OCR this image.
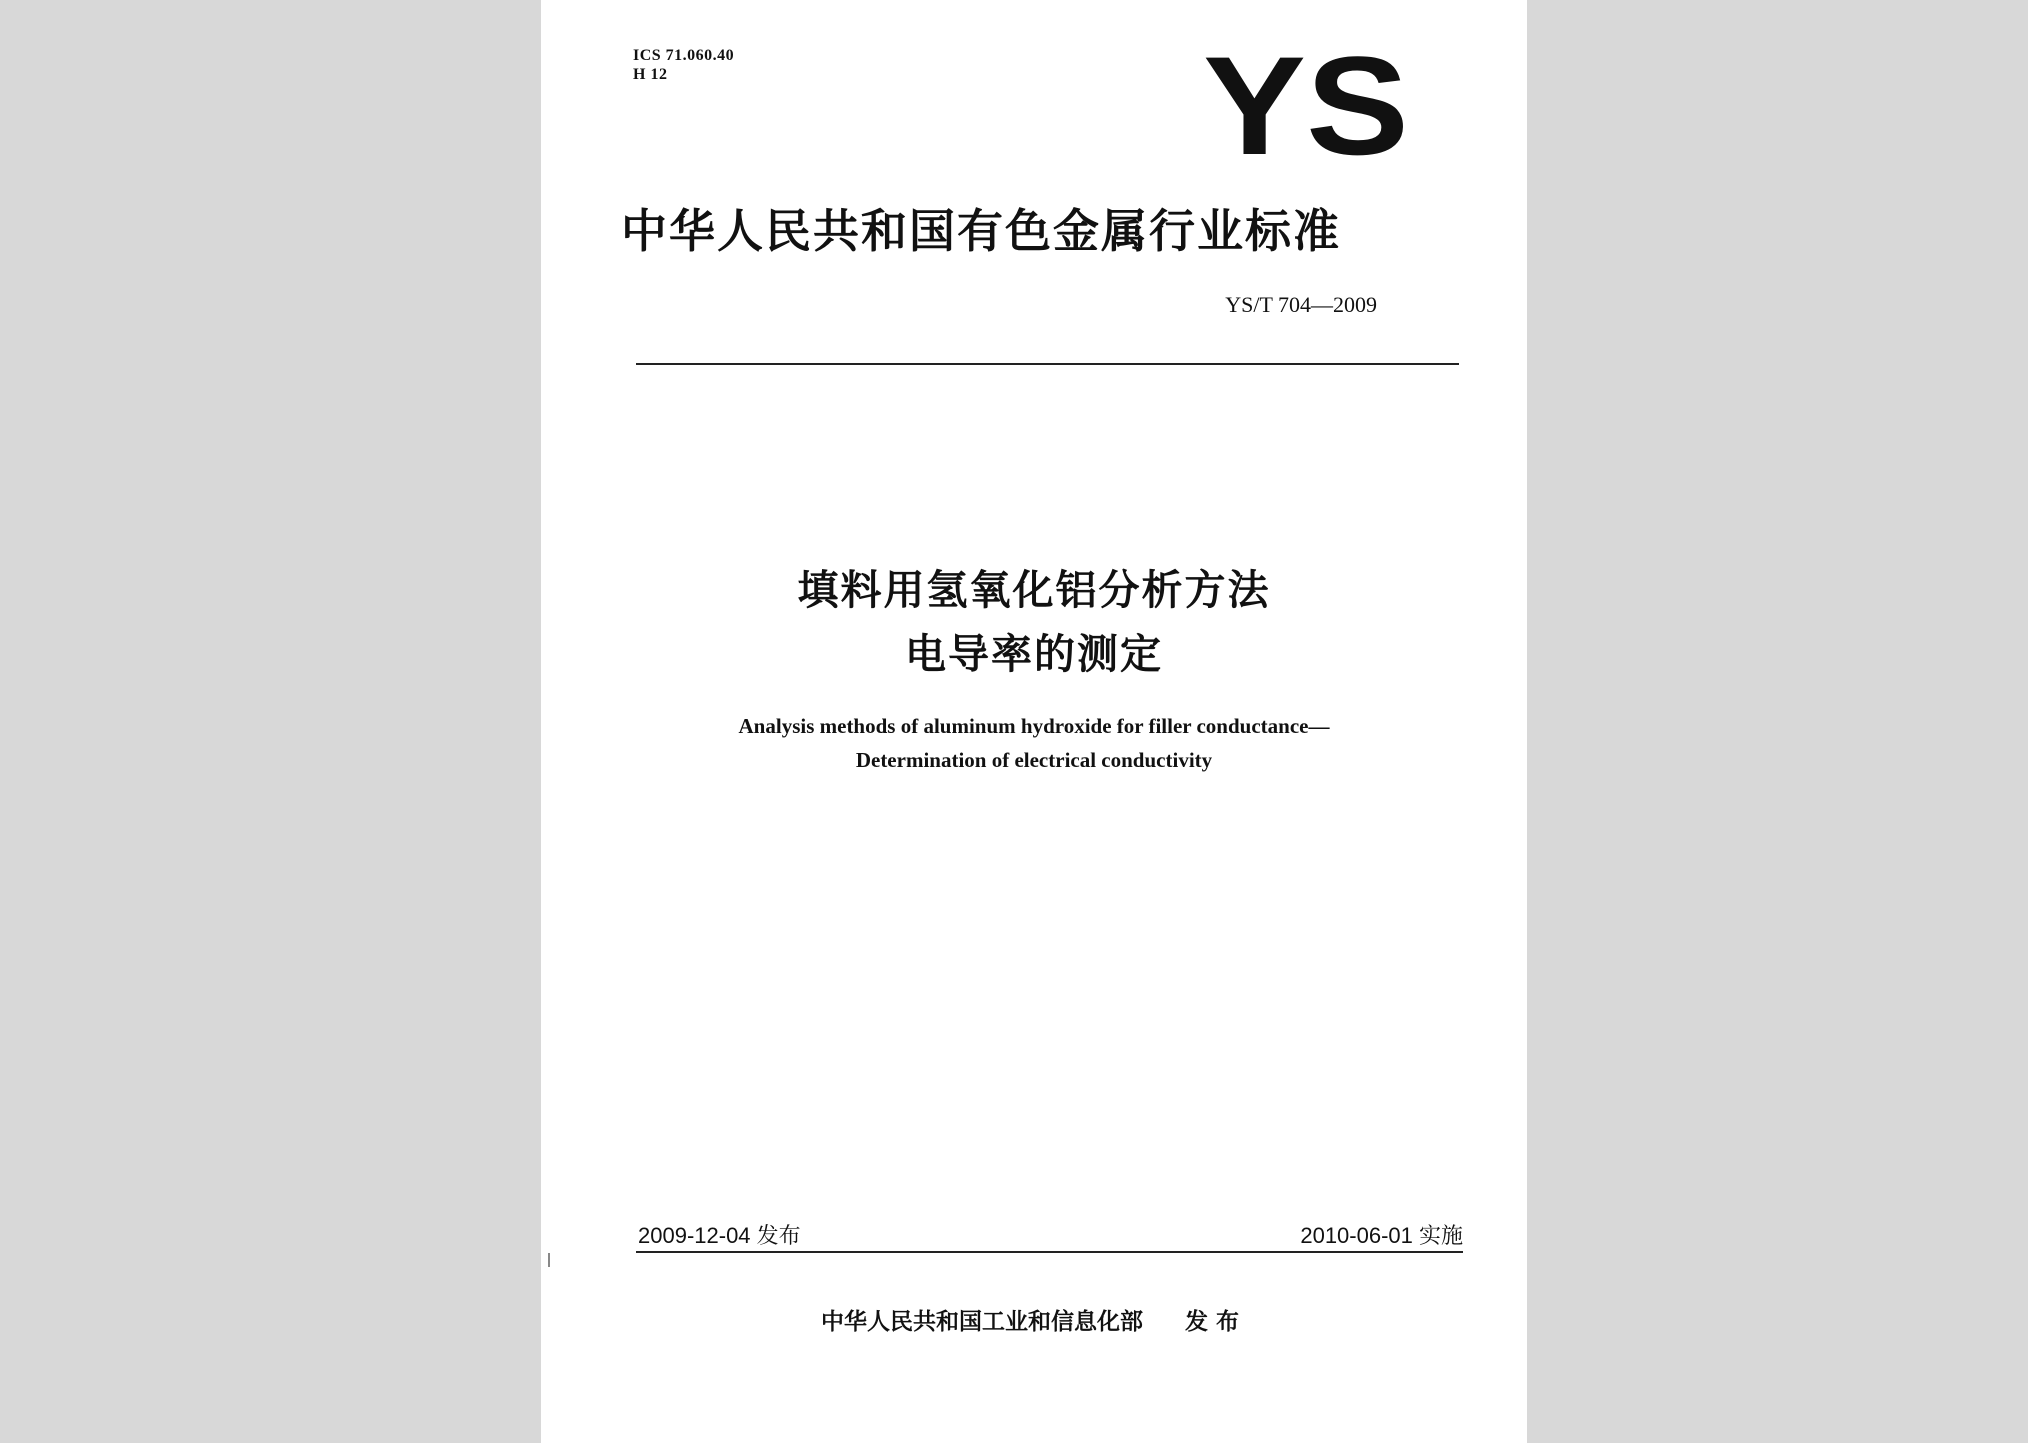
ICS 71.060.40
H 12	YS
中华人民共和国有色金属行业标准
YS/T 704—2009
填料用氢氧化铝分析方法
电导率的测定
Analysis methods of aluminum hydroxide for filler conductance—
Determination of electrical conductivity
2009-12-04 发布	2010-06-01 实施
中华人民共和国工业和信息化部 发布
